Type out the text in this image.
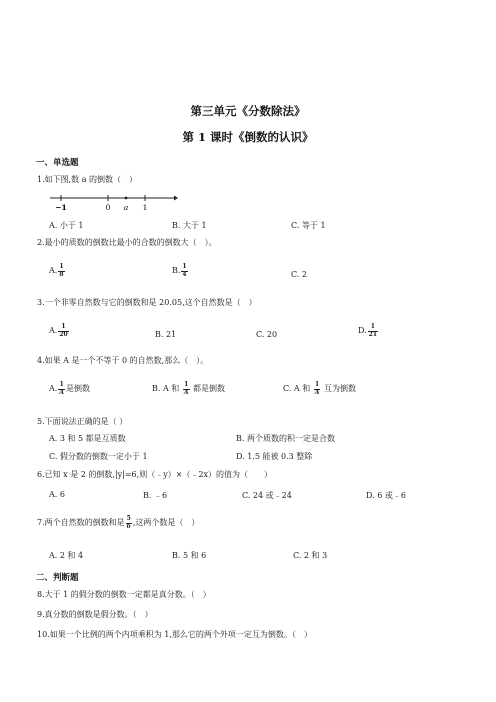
第三单元《分数除法》
第 1 课时《倒数的认识》
一、单选题
1.如下图,数 a 的倒数（　）
−1	0 a 1
A. 小于 1	B. 大于 1	C. 等于 1
2.最小的质数的倒数比最小的合数的倒数大（　）。
A. $\frac{1}{8}$	B. $\frac{1}{4}$	C. 2
3.一个非零自然数与它的倒数和是 20.05,这个自然数是（　）
A. $\frac{1}{20}$	B. 21	C. 20	D. $\frac{1}{21}$
4.如果 A 是一个不等于 0 的自然数,那么（　）。
A. $\frac{1}{A}$ 是倒数	B. A 和 $\frac{1}{A}$ 都是倒数	C. A 和 $\frac{1}{A}$ 互为倒数
5.下面说法正确的是（ ）
A. 3 和 5 都是互质数	B. 两个质数的积一定是合数
C. 假分数的倒数一定小于 1	D. 1.5 能被 0.3 整除
6.已知 x 是 2 的倒数,|y|=6,则（﹣y）×（﹣2x）的值为（　　）
A. 6	B. ﹣6	C. 24 或﹣24	D. 6 或﹣6
7.两个自然数的倒数和是 $\frac{5}{6}$ ,这两个数是（　）
A. 2 和 4	B. 5 和 6	C. 2 和 3
二、判断题
8.大于 1 的假分数的倒数一定都是真分数。（　）
9.真分数的倒数是假分数。（　）
10.如果一个比例的两个内项乘积为 1,那么它的两个外项一定互为倒数。（　）
